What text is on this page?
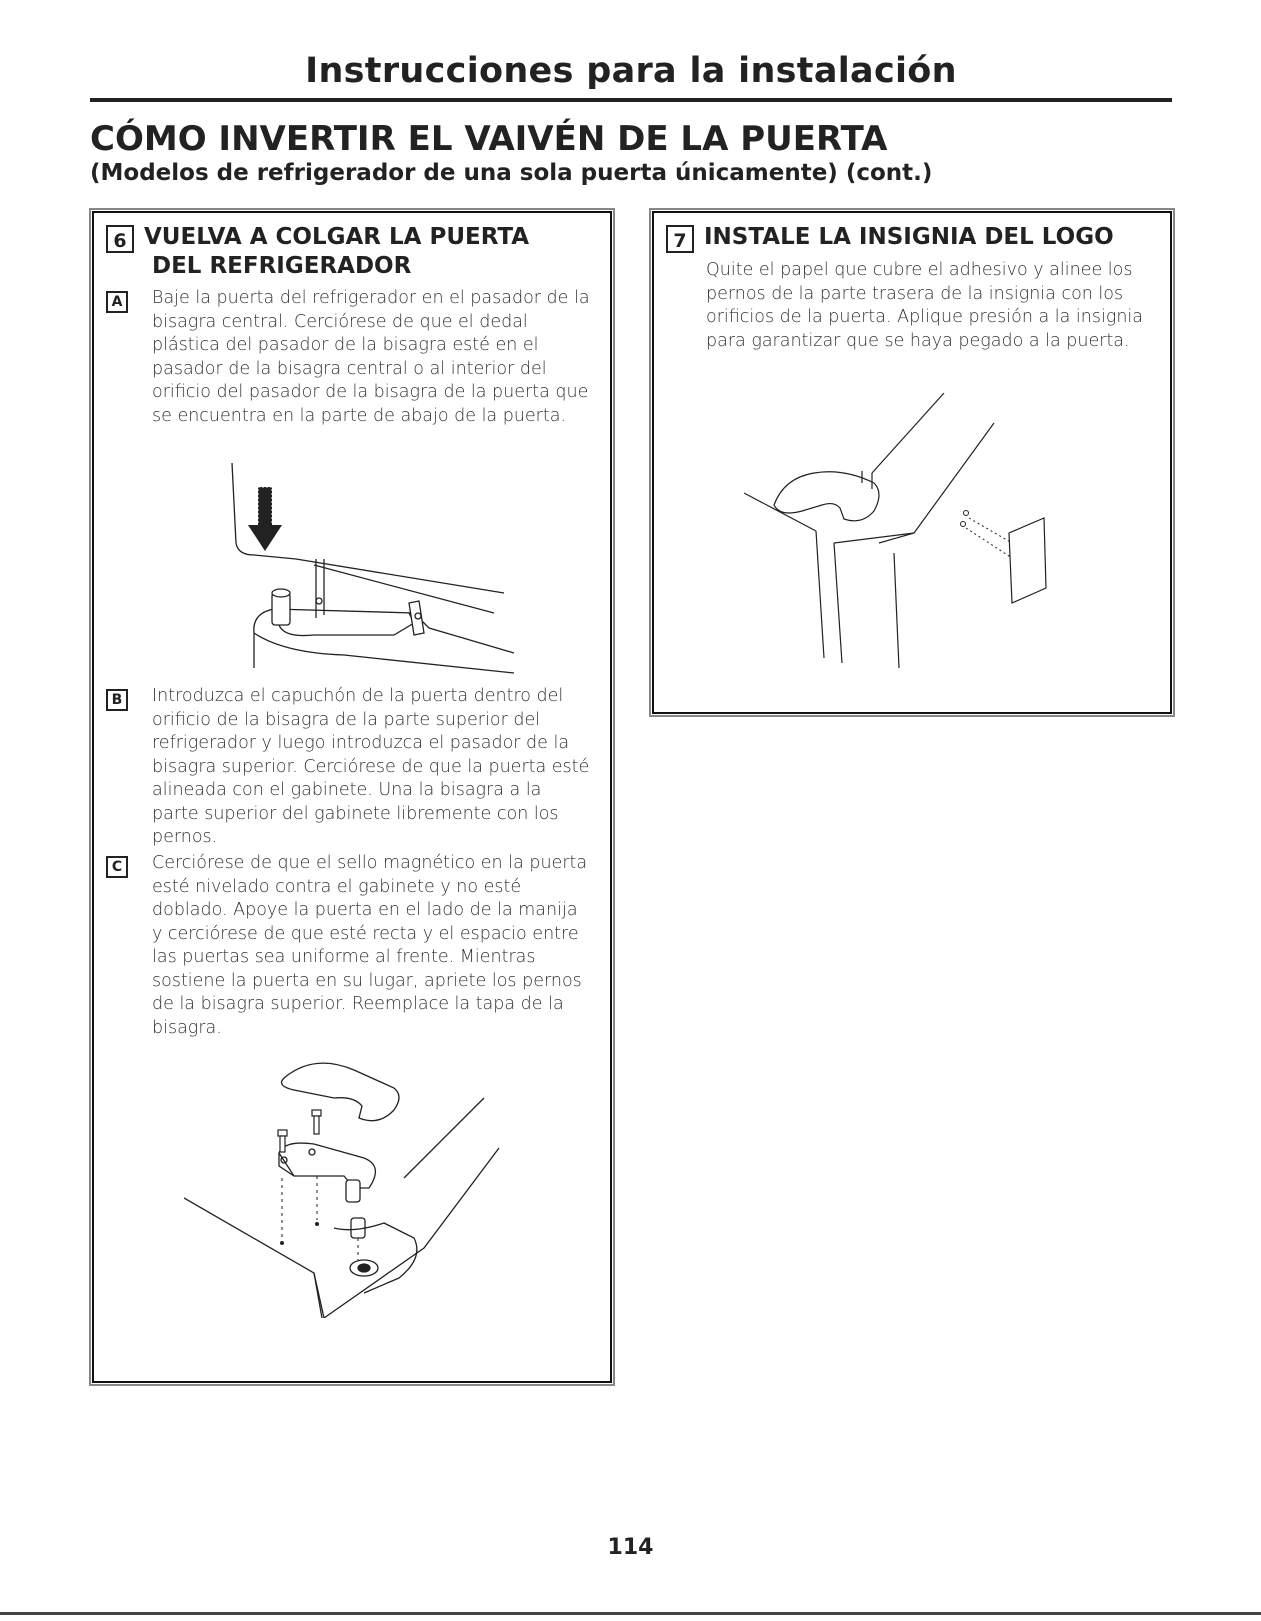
Instrucciones para la instalación
CÓMO INVERTIR EL VAIVÉN DE LA PUERTA
(Modelos de refrigerador de una sola puerta únicamente) (cont.)
6 VUELVA A COLGAR LA PUERTA

DEL REFRIGERADOR

A	Baje la puerta del refrigerador en el pasador de la bisagra central. Cerciórese de que el dedal plástica del pasador de la bisagra esté en el pasador de la bisagra central o al interior del orificio del pasador de la bisagra de la puerta que se encuentra en la parte de abajo de la puerta.

B	Introduzca el capuchón de la puerta dentro del orificio de la bisagra de la parte superior del refrigerador y luego introduzca el pasador de la bisagra superior. Cerciórese de que la puerta esté alineada con el gabinete. Una la bisagra a la parte superior del gabinete libremente con los pernos.

C	Cerciórese de que el sello magnético en la puerta esté nivelado contra el gabinete y no esté doblado. Apoye la puerta en el lado de la manija y cerciórese de que esté recta y el espacio entre las puertas sea uniforme al frente. Mientras sostiene la puerta en su lugar, apriete los pernos de la bisagra superior. Reemplace la tapa de la bisagra.

7 INSTALE LA INSIGNIA DEL LOGO

Quite el papel que cubre el adhesivo y alinee los pernos de la parte trasera de la insignia con los orificios de la puerta. Aplique presión a la insignia para garantizar que se haya pegado a la puerta.

114
